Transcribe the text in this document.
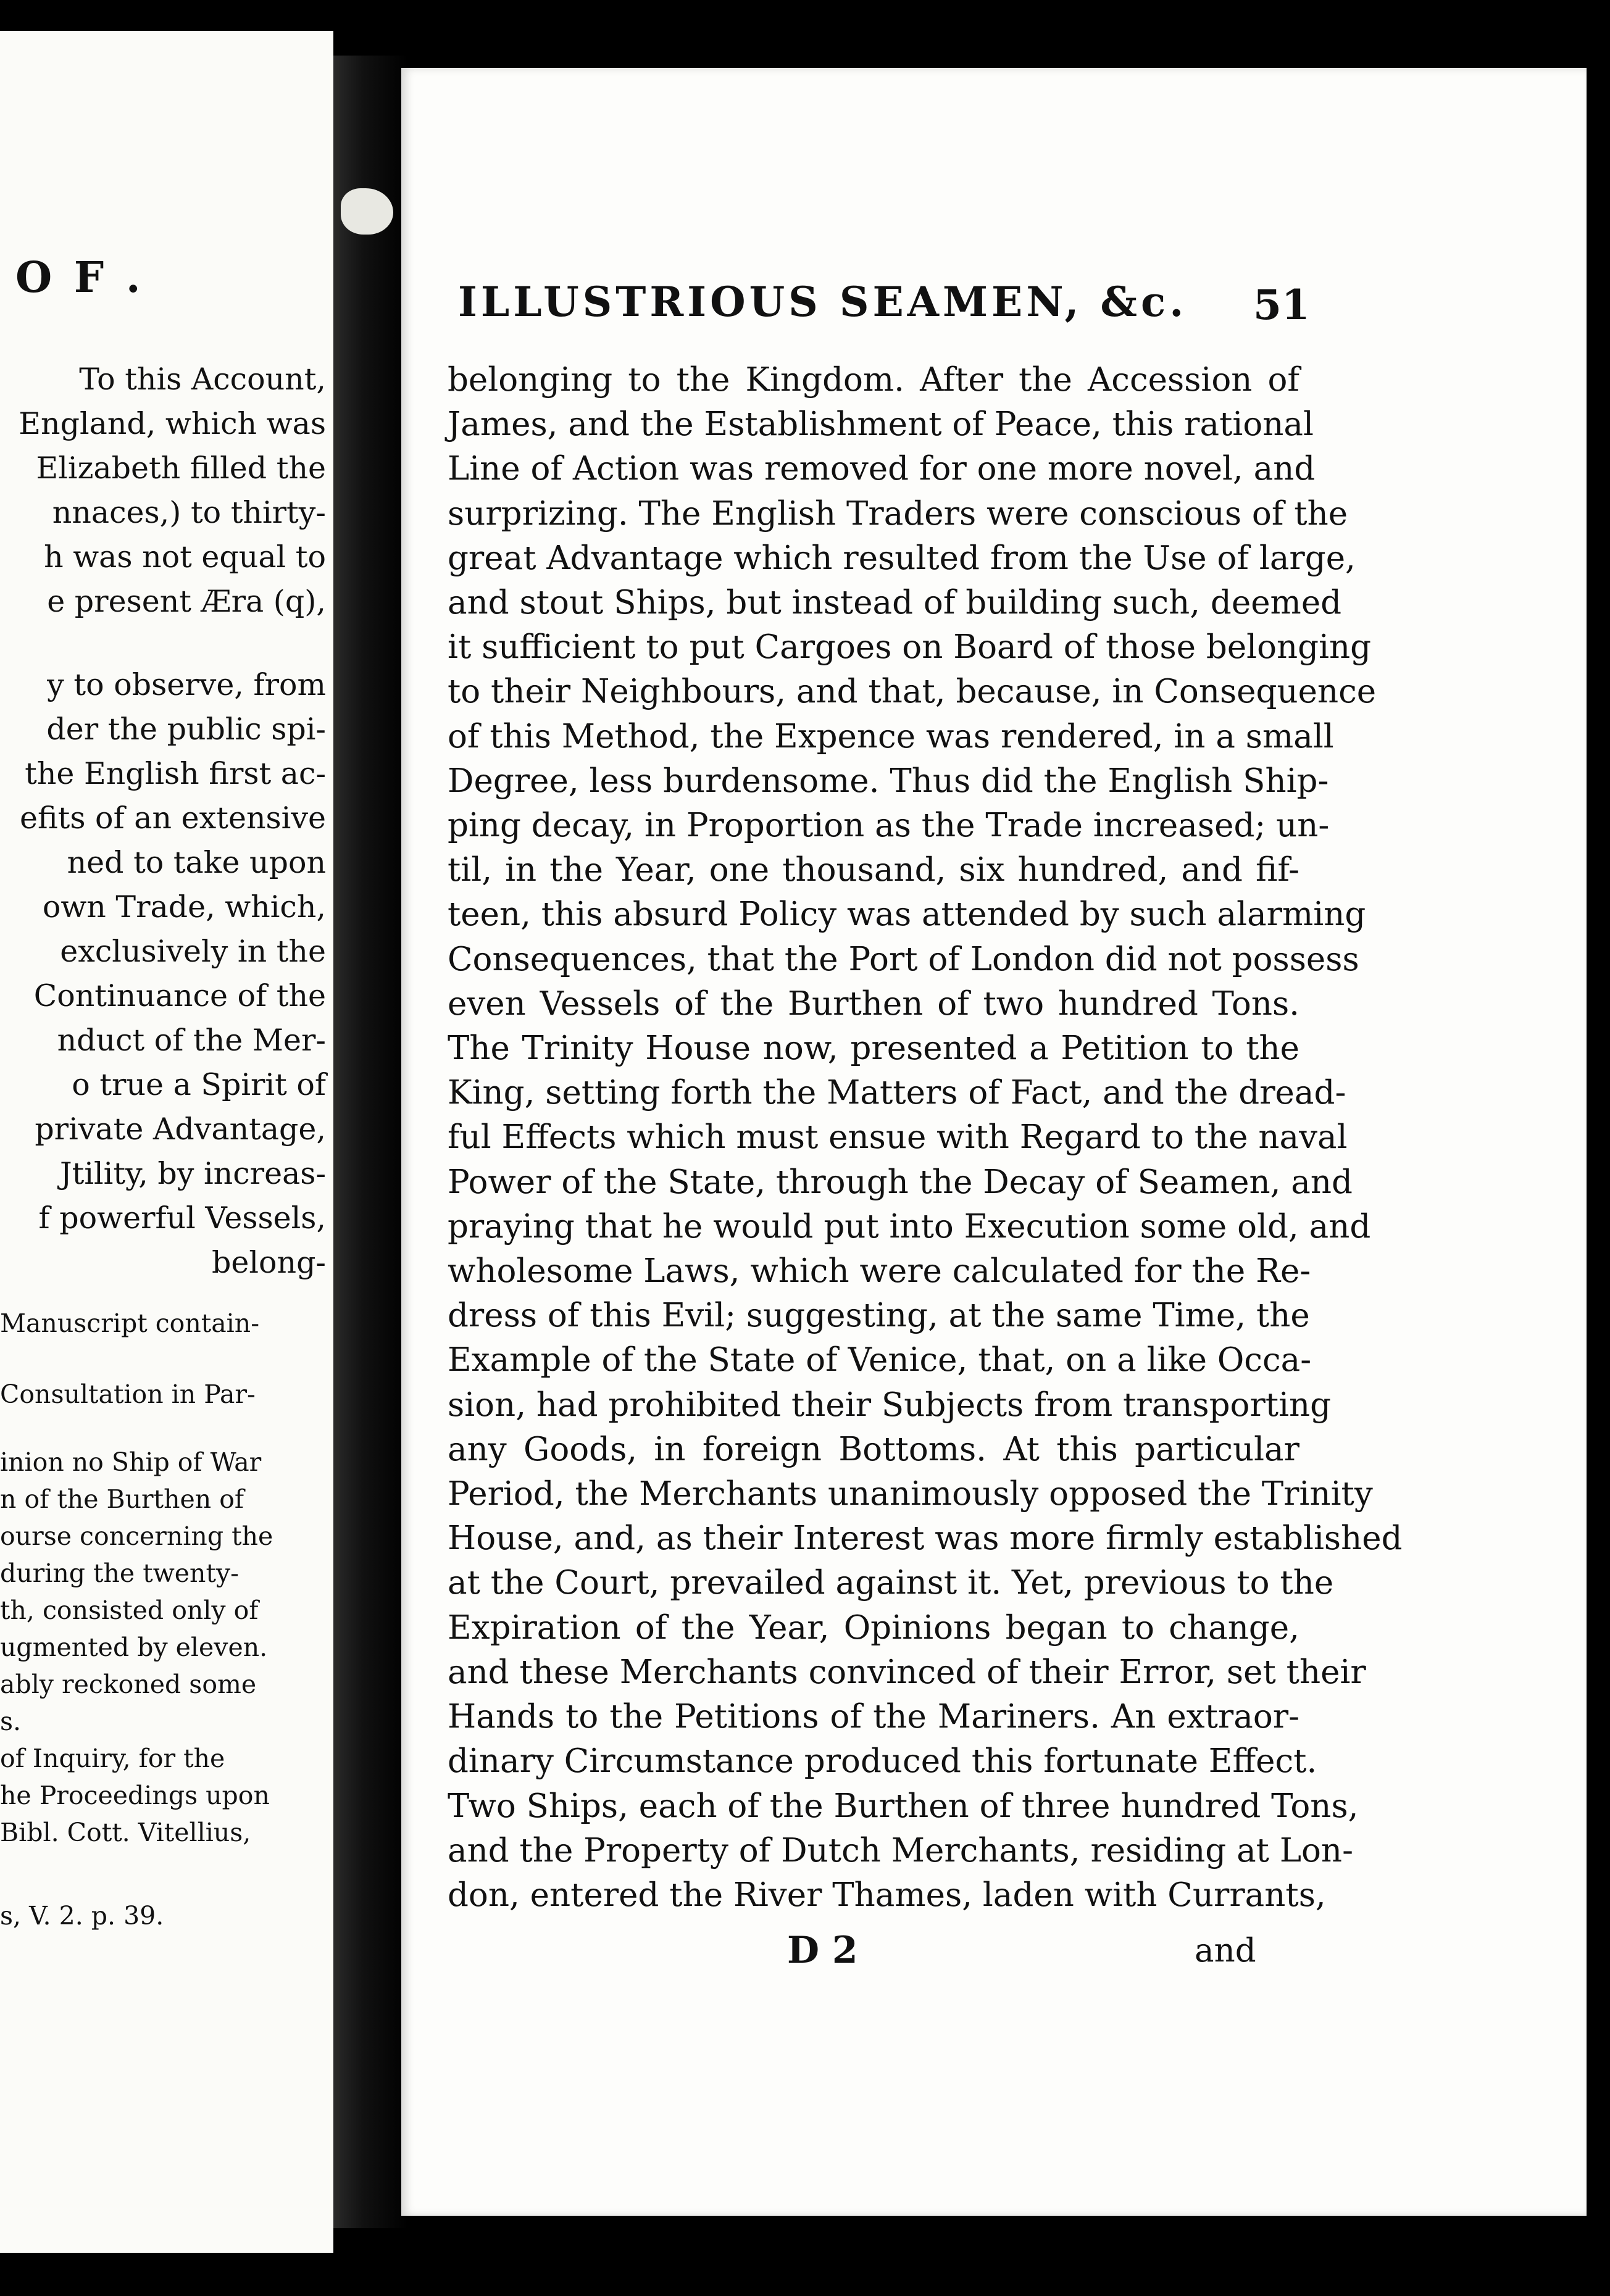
O F .
To this Account,
England, which was
Elizabeth filled the
nnaces,) to thirty-
h was not equal to
e present Æra (q),
y to observe, from
der the public spi-
the English first ac-
efits of an extensive
ned to take upon
own Trade, which,
exclusively in the
Continuance of the
nduct of the Mer-
o true a Spirit of
private Advantage,
Jtility, by increas-
f powerful Vessels,
belong-
Manuscript contain-
Consultation in Par-
inion no Ship of War
n of the Burthen of
ourse concerning the
during the twenty-
th, consisted only of
ugmented by eleven.
ably reckoned some
s.
of Inquiry, for the
he Proceedings upon
Bibl. Cott. Vitellius,
s, V. 2. p. 39.
ILLUSTRIOUS SEAMEN, &c. 51
belonging to the Kingdom. After the Accession of
James, and the Establishment of Peace, this rational
Line of Action was removed for one more novel, and
surprizing. The English Traders were conscious of the
great Advantage which resulted from the Use of large,
and stout Ships, but instead of building such, deemed
it sufficient to put Cargoes on Board of those belonging
to their Neighbours, and that, because, in Consequence
of this Method, the Expence was rendered, in a small
Degree, less burdensome. Thus did the English Ship-
ping decay, in Proportion as the Trade increased; un-
til, in the Year, one thousand, six hundred, and fif-
teen, this absurd Policy was attended by such alarming
Consequences, that the Port of London did not possess
even Vessels of the Burthen of two hundred Tons.
The Trinity House now, presented a Petition to the
King, setting forth the Matters of Fact, and the dread-
ful Effects which must ensue with Regard to the naval
Power of the State, through the Decay of Seamen, and
praying that he would put into Execution some old, and
wholesome Laws, which were calculated for the Re-
dress of this Evil; suggesting, at the same Time, the
Example of the State of Venice, that, on a like Occa-
sion, had prohibited their Subjects from transporting
any Goods, in foreign Bottoms. At this particular
Period, the Merchants unanimously opposed the Trinity
House, and, as their Interest was more firmly established
at the Court, prevailed against it. Yet, previous to the
Expiration of the Year, Opinions began to change,
and these Merchants convinced of their Error, set their
Hands to the Petitions of the Mariners. An extraor-
dinary Circumstance produced this fortunate Effect.
Two Ships, each of the Burthen of three hundred Tons,
and the Property of Dutch Merchants, residing at Lon-
don, entered the River Thames, laden with Currants,
D 2	and
